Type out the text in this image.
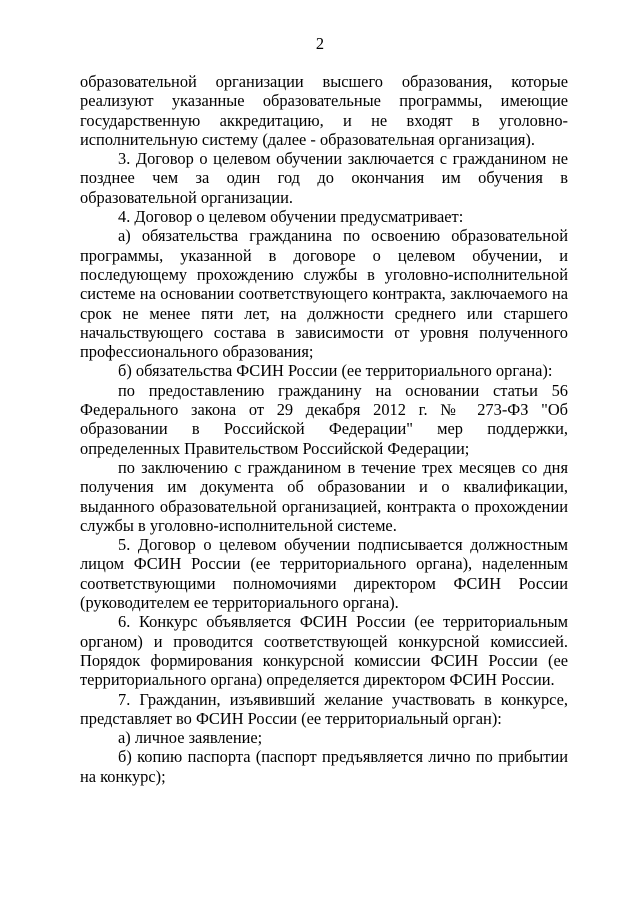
2

образовательной организации высшего образования, которые реализуют указанные образовательные программы, имеющие государственную аккредитацию, и не входят в уголовно-исполнительную систему (далее - образовательная организация).

3. Договор о целевом обучении заключается с гражданином не позднее чем за один год до окончания им обучения в образовательной организации.

4. Договор о целевом обучении предусматривает:

а) обязательства гражданина по освоению образовательной программы, указанной в договоре о целевом обучении, и последующему прохождению службы в уголовно-исполнительной системе на основании соответствующего контракта, заключаемого на срок не менее пяти лет, на должности среднего или старшего начальствующего состава в зависимости от уровня полученного профессионального образования;

б) обязательства ФСИН России (ее территориального органа):

по предоставлению гражданину на основании статьи 56 Федерального закона от 29 декабря 2012 г. № 273-ФЗ "Об образовании в Российской Федерации" мер поддержки, определенных Правительством Российской Федерации;

по заключению с гражданином в течение трех месяцев со дня получения им документа об образовании и о квалификации, выданного образовательной организацией, контракта о прохождении службы в уголовно-исполнительной системе.

5. Договор о целевом обучении подписывается должностным лицом ФСИН России (ее территориального органа), наделенным соответствующими полномочиями директором ФСИН России (руководителем ее территориального органа).

6. Конкурс объявляется ФСИН России (ее территориальным органом) и проводится соответствующей конкурсной комиссией. Порядок формирования конкурсной комиссии ФСИН России (ее территориального органа) определяется директором ФСИН России.

7. Гражданин, изъявивший желание участвовать в конкурсе, представляет во ФСИН России (ее территориальный орган):

а) личное заявление;

б) копию паспорта (паспорт предъявляется лично по прибытии на конкурс);
